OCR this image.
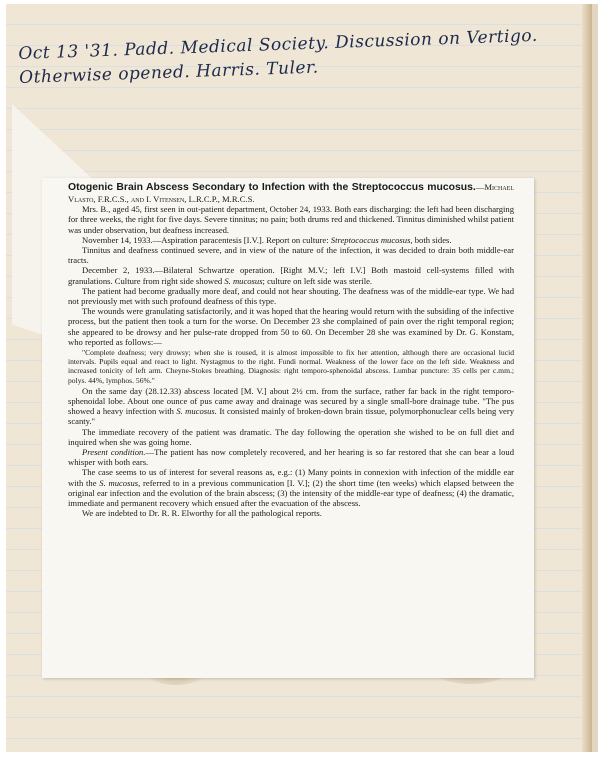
Oct 13 '31. Padd. Medical Society. Discussion on Vertigo.
Otherwise opened. Harris. Tuler.

Otogenic Brain Abscess Secondary to Infection with the Streptococcus mucosus.—Michael Vlasto, F.R.C.S., and I. Vitensen, L.R.C.P., M.R.C.S.

Mrs. B., aged 45, first seen in out-patient department, October 24, 1933. Both ears discharging: the left had been discharging for three weeks, the right for five days. Severe tinnitus; no pain; both drums red and thickened. Tinnitus diminished whilst patient was under observation, but deafness increased.

November 14, 1933.—Aspiration paracentesis [I.V.]. Report on culture: Streptococcus mucosus, both sides.

Tinnitus and deafness continued severe, and in view of the nature of the infection, it was decided to drain both middle-ear tracts.

December 2, 1933.—Bilateral Schwartze operation. [Right M.V.; left I.V.] Both mastoid cell-systems filled with granulations. Culture from right side showed S. mucosus; culture on left side was sterile.

The patient had become gradually more deaf, and could not hear shouting. The deafness was of the middle-ear type. We had not previously met with such profound deafness of this type.

The wounds were granulating satisfactorily, and it was hoped that the hearing would return with the subsiding of the infective process, but the patient then took a turn for the worse. On December 23 she complained of pain over the right temporal region; she appeared to be drowsy and her pulse-rate dropped from 50 to 60. On December 28 she was examined by Dr. G. Konstam, who reported as follows:—

"Complete deafness; very drowsy; when she is roused, it is almost impossible to fix her attention, although there are occasional lucid intervals. Pupils equal and react to light. Nystagmus to the right. Fundi normal. Weakness of the lower face on the left side. Weakness and increased tonicity of left arm. Cheyne-Stokes breathing. Diagnosis: right temporo-sphenoidal abscess. Lumbar puncture: 35 cells per c.mm.; polys. 44%, lymphos. 56%."

On the same day (28.12.33) abscess located [M. V.] about 2½ cm. from the surface, rather far back in the right temporo-sphenoidal lobe. About one ounce of pus came away and drainage was secured by a single small-bore drainage tube. "The pus showed a heavy infection with S. mucosus. It consisted mainly of broken-down brain tissue, polymorphonuclear cells being very scanty."

The immediate recovery of the patient was dramatic. The day following the operation she wished to be on full diet and inquired when she was going home.

Present condition.—The patient has now completely recovered, and her hearing is so far restored that she can bear a loud whisper with both ears.

The case seems to us of interest for several reasons as, e.g.: (1) Many points in connexion with infection of the middle ear with the S. mucosus, referred to in a previous communication [I. V.]; (2) the short time (ten weeks) which elapsed between the original ear infection and the evolution of the brain abscess; (3) the intensity of the middle-ear type of deafness; (4) the dramatic, immediate and permanent recovery which ensued after the evacuation of the abscess.

We are indebted to Dr. R. R. Elworthy for all the pathological reports.
